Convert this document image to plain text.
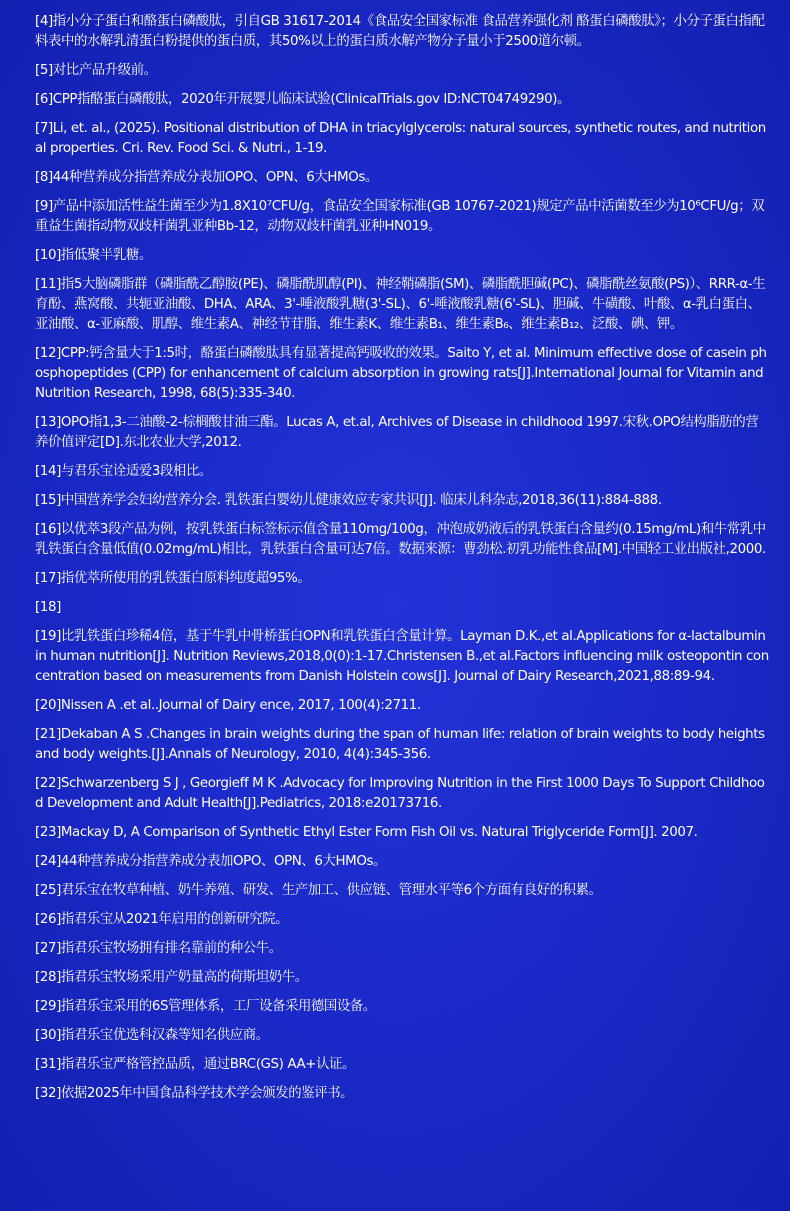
[4]指小分子蛋白和酪蛋白磷酸肽，引自GB 31617-2014《食品安全国家标准 食品营养强化剂 酪蛋白磷酸肽》；小分子蛋白指配料表中的水解乳清蛋白粉提供的蛋白质，其50%以上的蛋白质水解产物分子量小于2500道尔顿。

[5]对比产品升级前。

[6]CPP指酪蛋白磷酸肽，2020年开展婴儿临床试验(ClinicalTrials.gov ID:NCT04749290)。

[7]Li, et. al., (2025). Positional distribution of DHA in triacylglycerols: natural sources, synthetic routes, and nutritional properties. Cri. Rev. Food Sci. & Nutri., 1-19.

[8]44种营养成分指营养成分表加OPO、OPN、6大HMOs。

[9]产品中添加活性益生菌至少为1.8X10⁷CFU/g，食品安全国家标准(GB 10767-2021)规定产品中活菌数至少为10⁶CFU/g；双重益生菌指动物双歧杆菌乳亚种Bb-12，动物双歧杆菌乳亚种HN019。

[10]指低聚半乳糖。

[11]指5大脑磷脂群（磷脂酰乙醇胺(PE)、磷脂酰肌醇(PI)、神经鞘磷脂(SM)、磷脂酰胆碱(PC)、磷脂酰丝氨酸(PS)）、RRR-α-生育酚、燕窝酸、共轭亚油酸、DHA、ARA、3'-唾液酸乳糖(3'-SL)、6'-唾液酸乳糖(6'-SL)、胆碱、牛磺酸、叶酸、α-乳白蛋白、亚油酸、α-亚麻酸、肌醇、维生素A、神经节苷脂、维生素K、维生素B₁、维生素B₆、维生素B₁₂、泛酸、碘、钾。

[12]CPP:钙含量大于1:5时，酪蛋白磷酸肽具有显著提高钙吸收的效果。Saito Y, et al. Minimum effective dose of casein phosphopeptides (CPP) for enhancement of calcium absorption in growing rats[J].International Journal for Vitamin and Nutrition Research, 1998, 68(5):335-340.

[13]OPO指1,3-二油酸-2-棕榈酸甘油三酯。Lucas A, et.al, Archives of Disease in childhood 1997.宋秋.OPO结构脂肪的营养价值评定[D].东北农业大学,2012.

[14]与君乐宝诠适爱3段相比。

[15]中国营养学会妇幼营养分会. 乳铁蛋白婴幼儿健康效应专家共识[J]. 临床儿科杂志,2018,36(11):884-888.

[16]以优萃3段产品为例，按乳铁蛋白标签标示值含量110mg/100g，冲泡成奶液后的乳铁蛋白含量约(0.15mg/mL)和牛常乳中乳铁蛋白含量低值(0.02mg/mL)相比，乳铁蛋白含量可达7倍。数据来源：曹劲松.初乳功能性食品[M].中国轻工业出版社,2000.

[17]指优萃所使用的乳铁蛋白原料纯度超95%。

[18]

[19]比乳铁蛋白珍稀4倍，基于牛乳中骨桥蛋白OPN和乳铁蛋白含量计算。Layman D.K.,et al.Applications for α-lactalbumin in human nutrition[J]. Nutrition Reviews,2018,0(0):1-17.Christensen B.,et al.Factors influencing milk osteopontin concentration based on measurements from Danish Holstein cows[J]. Journal of Dairy Research,2021,88:89-94.

[20]Nissen A .et al..Journal of Dairy ence, 2017, 100(4):2711.

[21]Dekaban A S .Changes in brain weights during the span of human life: relation of brain weights to body heights and body weights.[J].Annals of Neurology, 2010, 4(4):345-356.

[22]Schwarzenberg S J , Georgieff M K .Advocacy for Improving Nutrition in the First 1000 Days To Support Childhood Development and Adult Health[J].Pediatrics, 2018:e20173716.

[23]Mackay D, A Comparison of Synthetic Ethyl Ester Form Fish Oil vs. Natural Triglyceride Form[J]. 2007.

[24]44种营养成分指营养成分表加OPO、OPN、6大HMOs。

[25]君乐宝在牧草种植、奶牛养殖、研发、生产加工、供应链、管理水平等6个方面有良好的积累。

[26]指君乐宝从2021年启用的创新研究院。

[27]指君乐宝牧场拥有排名靠前的种公牛。

[28]指君乐宝牧场采用产奶量高的荷斯坦奶牛。

[29]指君乐宝采用的6S管理体系，工厂设备采用德国设备。

[30]指君乐宝优选科汉森等知名供应商。

[31]指君乐宝严格管控品质，通过BRC(GS) AA+认证。

[32]依据2025年中国食品科学技术学会颁发的鉴评书。
